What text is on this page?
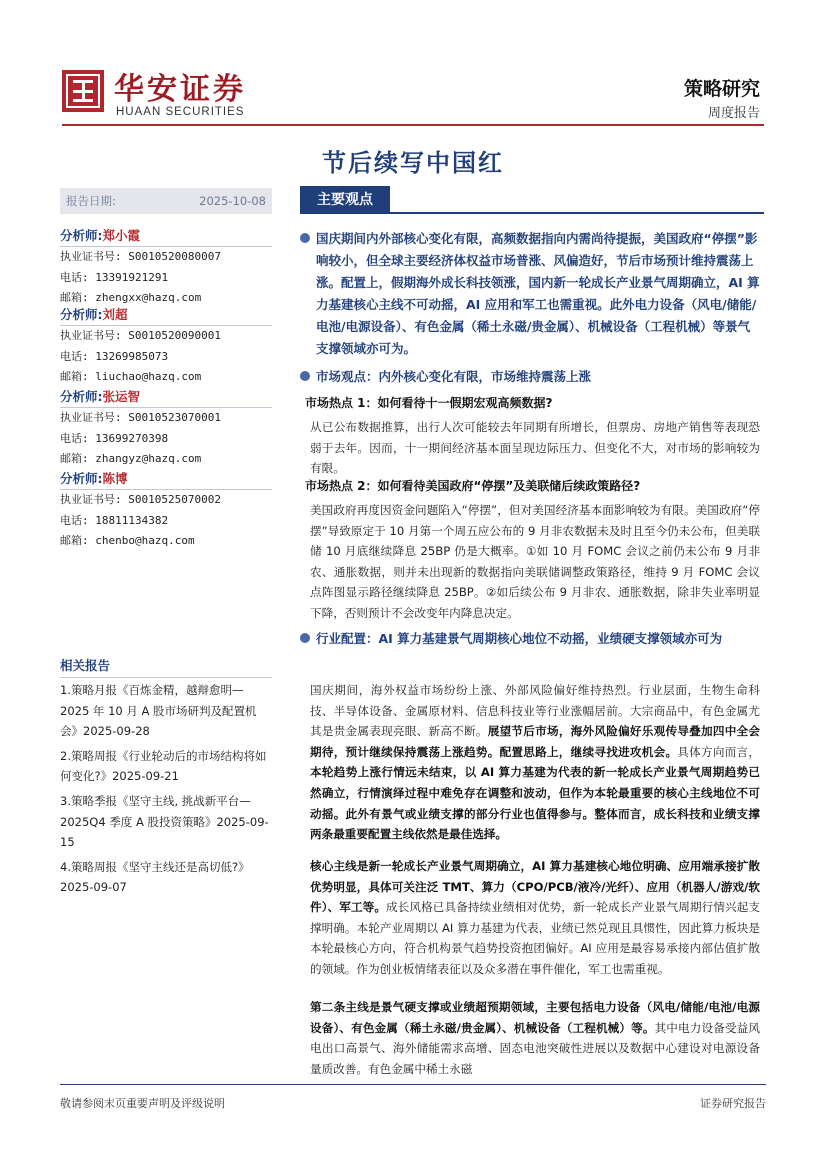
华安证券
HUAAN SECURITIES
策略研究
周度报告
节后续写中国红
报告日期:	2025-10-08
分析师:郑小霞
执业证书号: S0010520080007
电话: 13391921291
邮箱: zhengxx@hazq.com
分析师:刘超
执业证书号: S0010520090001
电话: 13269985073
邮箱: liuchao@hazq.com
分析师:张运智
执业证书号: S0010523070001
电话: 13699270398
邮箱: zhangyz@hazq.com
分析师:陈博
执业证书号: S0010525070002
电话: 18811134382
邮箱: chenbo@hazq.com
相关报告
1.策略月报《百炼金精，越辩愈明—2025 年 10 月 A 股市场研判及配置机会》2025-09-28
2.策略周报《行业轮动后的市场结构将如何变化?》2025-09-21
3.策略季报《坚守主线, 挑战新平台—2025Q4 季度 A 股投资策略》2025-09-15
4.策略周报《坚守主线还是高切低?》2025-09-07
主要观点
国庆期间内外部核心变化有限，高频数据指向内需尚待提振，美国政府“停摆”影响较小，但全球主要经济体权益市场普涨、风偏造好，节后市场预计维持震荡上涨。配置上，假期海外成长科技领涨，国内新一轮成长产业景气周期确立，AI 算力基建核心主线不可动摇，AI 应用和军工也需重视。此外电力设备（风电/储能/电池/电源设备）、有色金属（稀土永磁/贵金属）、机械设备（工程机械）等景气支撑领域亦可为。
市场观点：内外核心变化有限，市场维持震荡上涨
市场热点 1：如何看待十一假期宏观高频数据?
从已公布数据推算，出行人次可能较去年同期有所增长，但票房、房地产销售等表现恐弱于去年。因而，十一期间经济基本面呈现边际压力、但变化不大，对市场的影响较为有限。
市场热点 2：如何看待美国政府“停摆”及美联储后续政策路径?
美国政府再度因资金问题陷入“停摆”，但对美国经济基本面影响较为有限。美国政府“停摆”导致原定于 10 月第一个周五应公布的 9 月非农数据未及时且至今仍未公布，但美联储 10 月底继续降息 25BP 仍是大概率。①如 10 月 FOMC 会议之前仍未公布 9 月非农、通胀数据，则并未出现新的数据指向美联储调整政策路径，维持 9 月 FOMC 会议点阵图显示路径继续降息 25BP。②如后续公布 9 月非农、通胀数据，除非失业率明显下降，否则预计不会改变年内降息决定。
行业配置：AI 算力基建景气周期核心地位不动摇，业绩硬支撑领域亦可为
国庆期间，海外权益市场纷纷上涨、外部风险偏好维持热烈。行业层面，生物生命科技、半导体设备、金属原材料、信息科技业等行业涨幅居前。大宗商品中，有色金属尤其是贵金属表现亮眼、新高不断。展望节后市场，海外风险偏好乐观传导叠加四中全会期待，预计继续保持震荡上涨趋势。配置思路上，继续寻找进攻机会。具体方向而言，本轮趋势上涨行情远未结束，以 AI 算力基建为代表的新一轮成长产业景气周期趋势已然确立，行情演绎过程中难免存在调整和波动，但作为本轮最重要的核心主线地位不可动摇。此外有景气或业绩支撑的部分行业也值得参与。整体而言，成长科技和业绩支撑两条最重要配置主线依然是最佳选择。
核心主线是新一轮成长产业景气周期确立，AI 算力基建核心地位明确、应用端承接扩散优势明显，具体可关注泛 TMT、算力（CPO/PCB/液冷/光纤）、应用（机器人/游戏/软件）、军工等。成长风格已具备持续业绩相对优势，新一轮成长产业景气周期行情兴起支撑明确。本轮产业周期以 AI 算力基建为代表，业绩已然兑现且具惯性，因此算力板块是本轮最核心方向，符合机构景气趋势投资抱团偏好。AI 应用是最容易承接内部估值扩散的领域。作为创业板情绪表征以及众多潜在事件催化，军工也需重视。
第二条主线是景气硬支撑或业绩超预期领域，主要包括电力设备（风电/储能/电池/电源设备）、有色金属（稀土永磁/贵金属）、机械设备（工程机械）等。其中电力设备受益风电出口高景气、海外储能需求高增、固态电池突破性进展以及数据中心建设对电源设备量质改善。有色金属中稀土永磁
敬请参阅末页重要声明及评级说明	证券研究报告
